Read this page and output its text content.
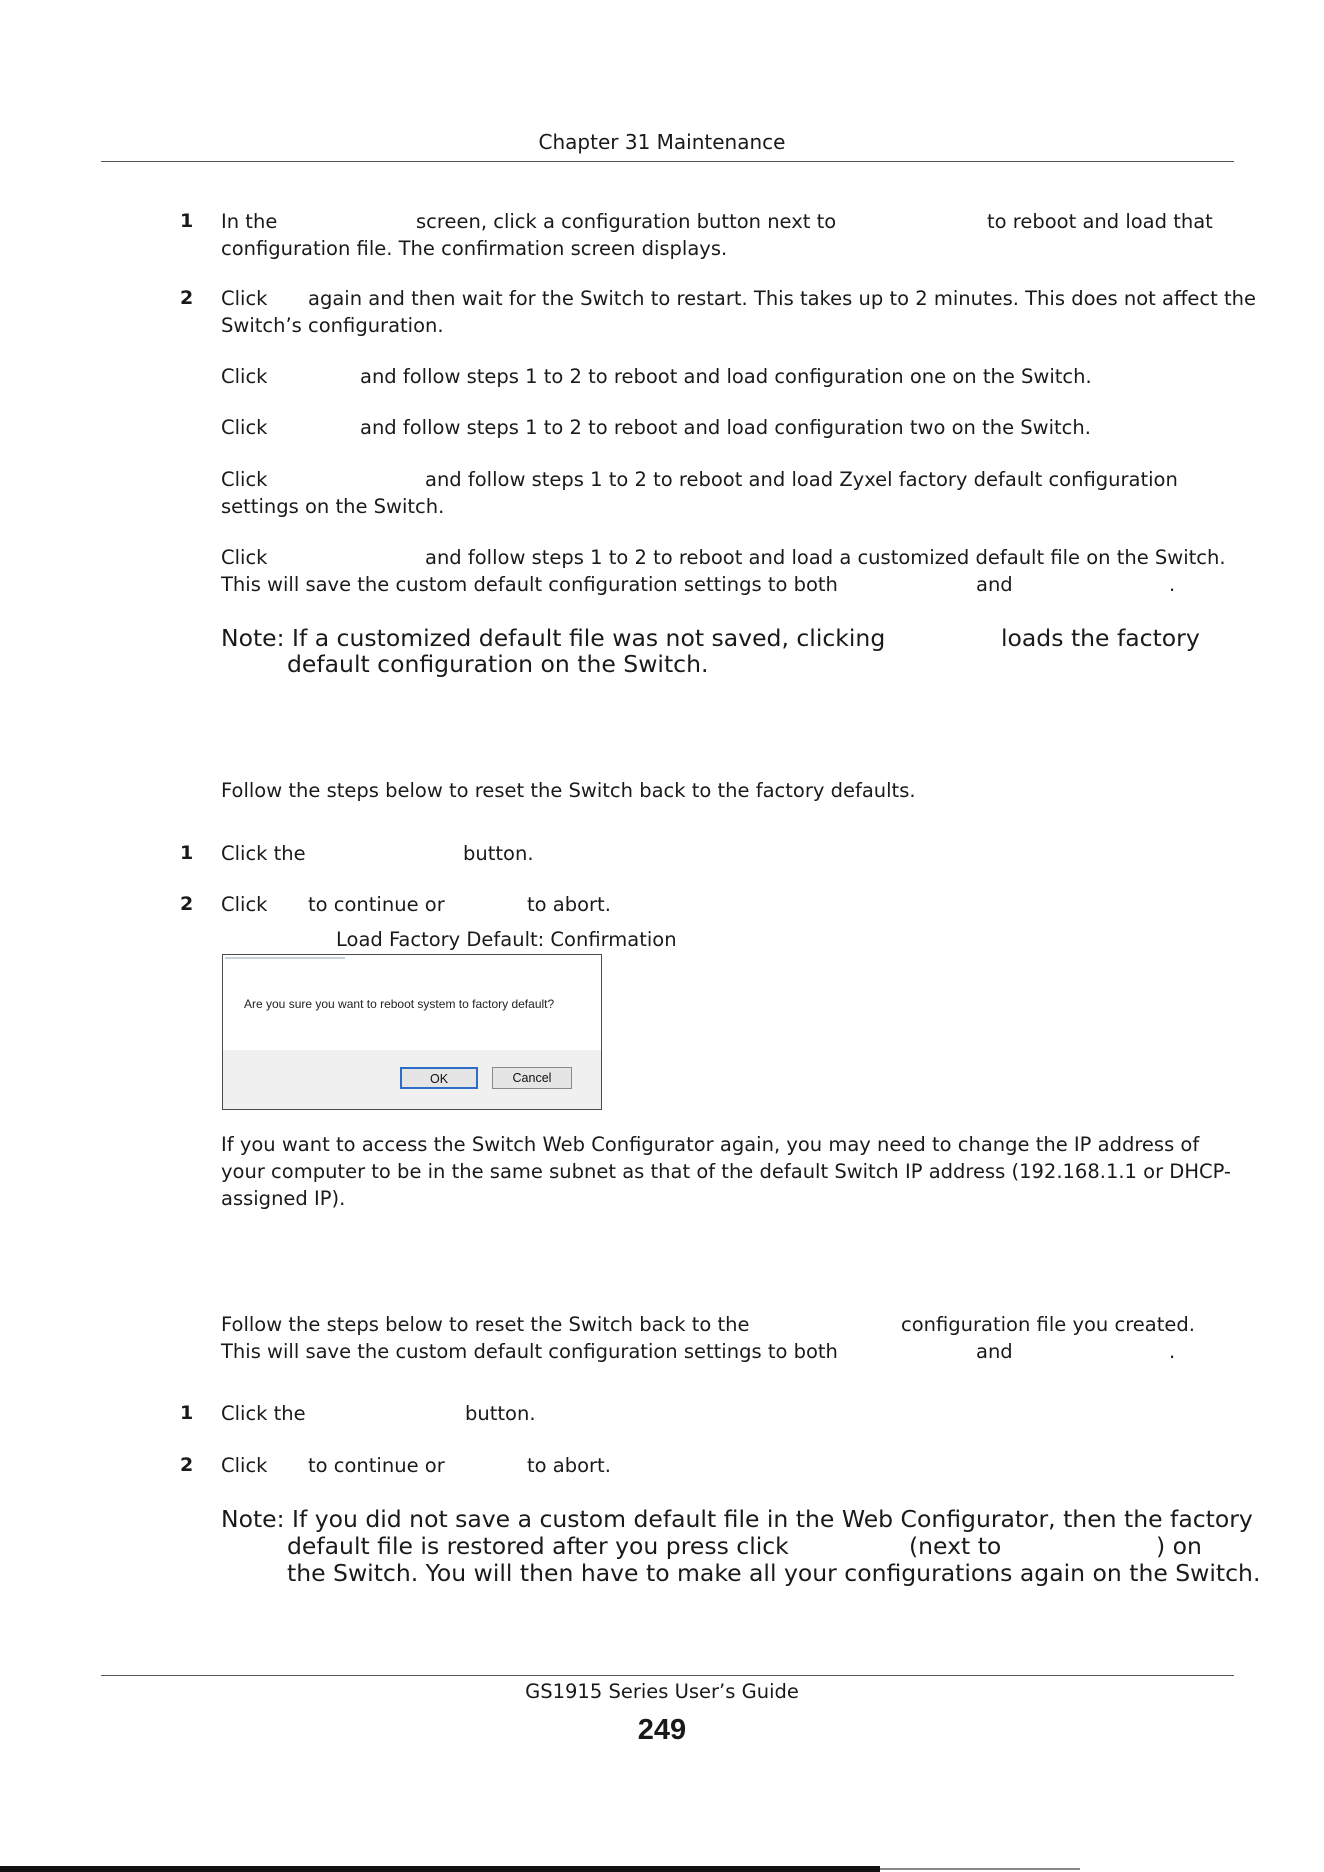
Chapter 31 Maintenance
1 In the	screen, click a configuration button next to	to reboot and load that
configuration file. The confirmation screen displays.
2 Click again and then wait for the Switch to restart. This takes up to 2 minutes. This does not affect the
Switch’s configuration.
Click	and follow steps 1 to 2 to reboot and load configuration one on the Switch.
Click	and follow steps 1 to 2 to reboot and load configuration two on the Switch.
Click	and follow steps 1 to 2 to reboot and load Zyxel factory default configuration
settings on the Switch.
Click	and follow steps 1 to 2 to reboot and load a customized default file on the Switch.
This will save the custom default configuration settings to both	and	.
Note: If a customized default file was not saved, clicking	loads the factory
default configuration on the Switch.
Follow the steps below to reset the Switch back to the factory defaults.
1 Click the	button.
2 Click to continue or	to abort.
Load Factory Default: Confirmation
Are you sure you want to reboot system to factory default?
OK	Cancel
If you want to access the Switch Web Configurator again, you may need to change the IP address of
your computer to be in the same subnet as that of the default Switch IP address (192.168.1.1 or DHCP-
assigned IP).
Follow the steps below to reset the Switch back to the	configuration file you created.
This will save the custom default configuration settings to both	and	.
1 Click the	button.
2 Click to continue or	to abort.
Note: If you did not save a custom default file in the Web Configurator, then the factory
default file is restored after you press click	(next to	) on
the Switch. You will then have to make all your configurations again on the Switch.
GS1915 Series User’s Guide
249
